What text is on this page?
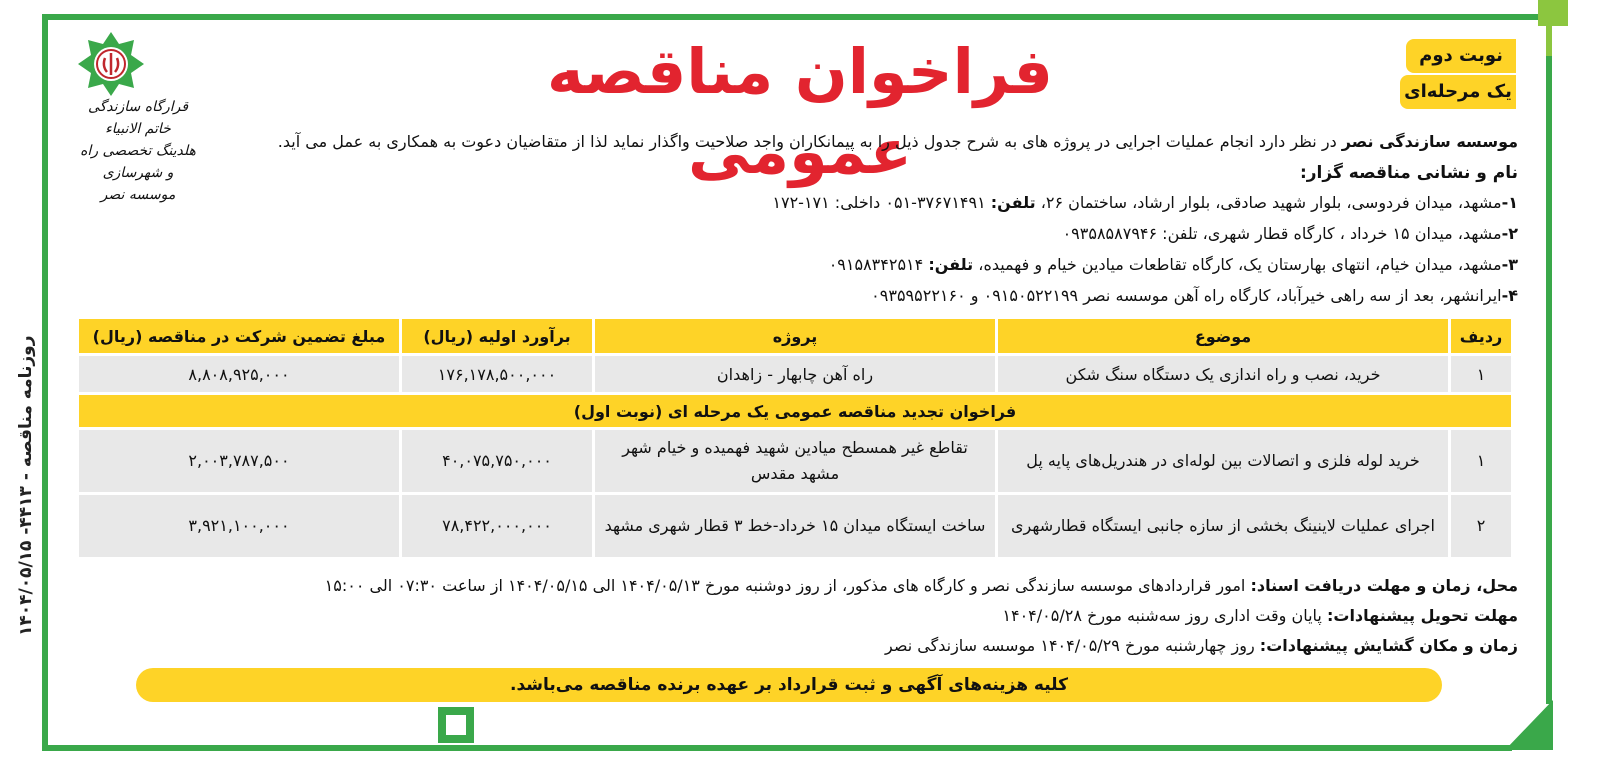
روزنامه مناقصه - ۴۴۱۳- ۱۴۰۴/۰۵/۱۵
قرارگاه سازندگی خاتم الانبیاء
هلدینگ تخصصی راه و شهرسازی
موسسه نصر
فراخوان مناقصه عمومی
نوبت دوم
یک مرحله‌ای
موسسه سازندگی نصر در نظر دارد انجام عملیات اجرایی در پروژه های به شرح جدول ذیل را به پیمانکاران واجد صلاحیت واگذار نماید لذا از متقاضیان دعوت به همکاری به عمل می آید.
نام و نشانی مناقصه گزار:
۱-مشهد، میدان فردوسی، بلوار شهید صادقی، بلوار ارشاد، ساختمان ۲۶، تلفن: ۳۷۶۷۱۴۹۱-۰۵۱ داخلی: ۱۷۱-۱۷۲
۲-مشهد، میدان ۱۵ خرداد ، کارگاه قطار شهری، تلفن: ۰۹۳۵۸۵۸۷۹۴۶
۳-مشهد، میدان خیام، انتهای بهارستان یک، کارگاه تقاطعات میادین خیام و فهمیده، تلفن: ۰۹۱۵۸۳۴۲۵۱۴
۴-ایرانشهر، بعد از سه راهی خیرآباد، کارگاه راه آهن موسسه نصر ۰۹۱۵۰۵۲۲۱۹۹ و ۰۹۳۵۹۵۲۲۱۶۰
ردیف	موضوع	پروژه	برآورد اولیه (ریال)	مبلغ تضمین شرکت در مناقصه (ریال)
۱	خرید، نصب و راه اندازی یک دستگاه سنگ شکن	راه آهن چابهار - زاهدان	۱۷۶,۱۷۸,۵۰۰,۰۰۰	۸,۸۰۸,۹۲۵,۰۰۰
فراخوان تجدید مناقصه عمومی یک مرحله ای (نوبت اول)				
۱	خرید لوله فلزی و اتصالات بین لوله‌ای در هندریل‌های پایه پل	تقاطع غیر همسطح میادین شهید فهمیده و خیام شهر مشهد مقدس	۴۰,۰۷۵,۷۵۰,۰۰۰	۲,۰۰۳,۷۸۷,۵۰۰
۲	اجرای عملیات لاینینگ بخشی از سازه جانبی ایستگاه قطارشهری	ساخت ایستگاه میدان ۱۵ خرداد-خط ۳ قطار شهری مشهد	۷۸,۴۲۲,۰۰۰,۰۰۰	۳,۹۲۱,۱۰۰,۰۰۰
محل، زمان و مهلت دریافت اسناد: امور قراردادهای موسسه سازندگی نصر و کارگاه های مذکور، از روز دوشنبه مورخ ۱۴۰۴/۰۵/۱۳ الی ۱۴۰۴/۰۵/۱۵ از ساعت ۰۷:۳۰ الی ۱۵:۰۰
مهلت تحویل پیشنهادات: پایان وقت اداری روز سه‌شنبه مورخ ۱۴۰۴/۰۵/۲۸
زمان و مکان گشایش پیشنهادات: روز چهارشنبه مورخ ۱۴۰۴/۰۵/۲۹ موسسه سازندگی نصر
کلیه هزینه‌های آگهی و ثبت قرارداد بر عهده برنده مناقصه می‌باشد.
